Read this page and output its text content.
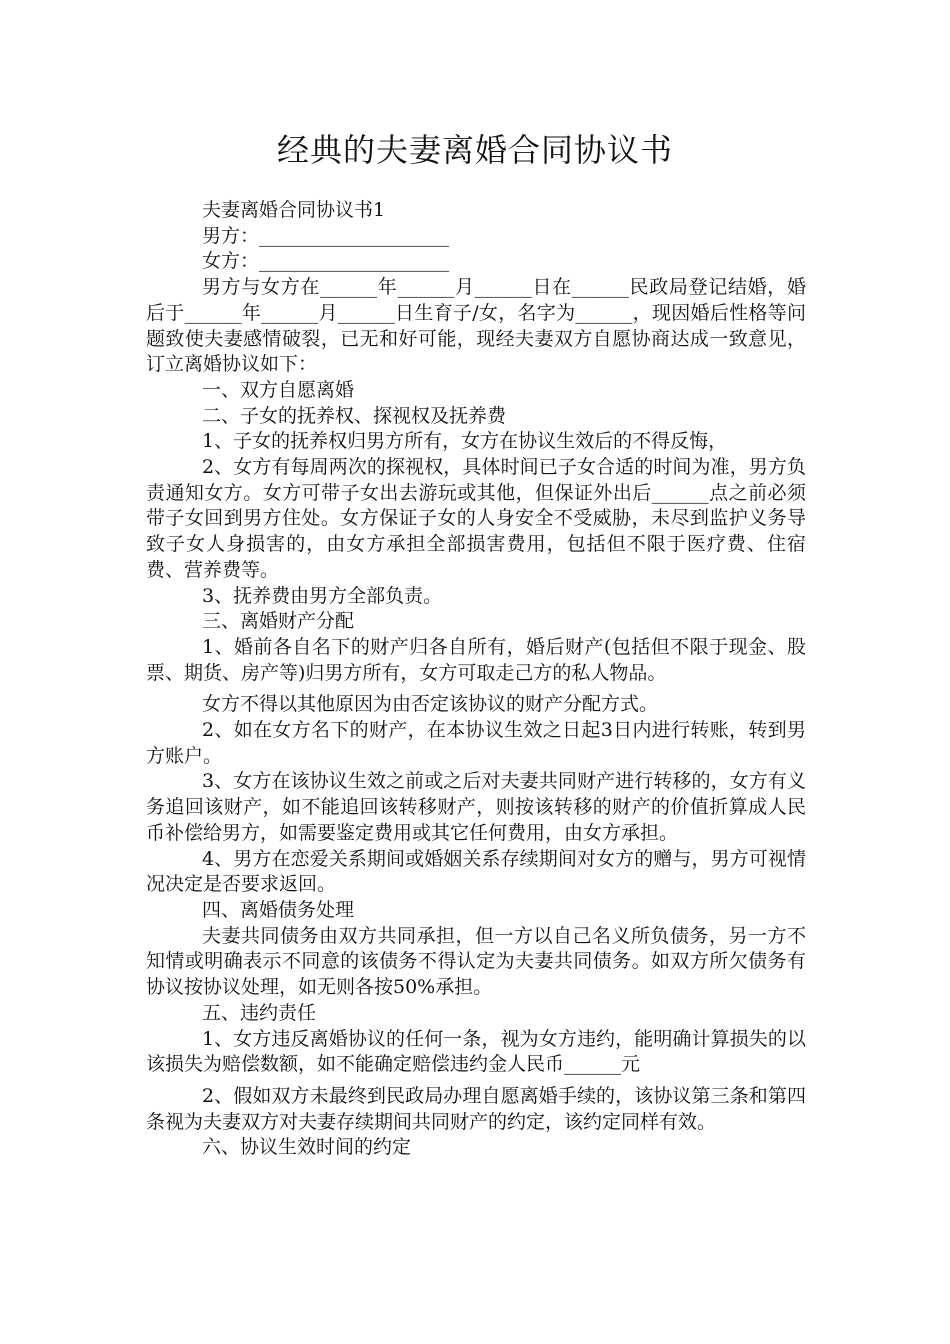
经典的夫妻离婚合同协议书

夫妻离婚合同协议书1

男方：____________________

女方：____________________

男方与女方在______年______月______日在______民政局登记结婚，婚后于______年______月______日生育子/女，名字为______，现因婚后性格等问题致使夫妻感情破裂，已无和好可能，现经夫妻双方自愿协商达成一致意见，订立离婚协议如下：

一、双方自愿离婚

二、子女的抚养权、探视权及抚养费

1、子女的抚养权归男方所有，女方在协议生效后的不得反悔，

2、女方有每周两次的探视权，具体时间已子女合适的时间为准，男方负责通知女方。女方可带子女出去游玩或其他，但保证外出后______点之前必须带子女回到男方住处。女方保证子女的人身安全不受威胁，未尽到监护义务导致子女人身损害的，由女方承担全部损害费用，包括但不限于医疗费、住宿费、营养费等。

3、抚养费由男方全部负责。

三、离婚财产分配

1、婚前各自名下的财产归各自所有，婚后财产(包括但不限于现金、股票、期货、房产等)归男方所有，女方可取走己方的私人物品。

女方不得以其他原因为由否定该协议的财产分配方式。

2、如在女方名下的财产，在本协议生效之日起3日内进行转账，转到男方账户。

3、女方在该协议生效之前或之后对夫妻共同财产进行转移的，女方有义务追回该财产，如不能追回该转移财产，则按该转移的财产的价值折算成人民币补偿给男方，如需要鉴定费用或其它任何费用，由女方承担。

4、男方在恋爱关系期间或婚姻关系存续期间对女方的赠与，男方可视情况决定是否要求返回。

四、离婚债务处理

夫妻共同债务由双方共同承担，但一方以自己名义所负债务，另一方不知情或明确表示不同意的该债务不得认定为夫妻共同债务。如双方所欠债务有协议按协议处理，如无则各按50%承担。

五、违约责任

1、女方违反离婚协议的任何一条，视为女方违约，能明确计算损失的以该损失为赔偿数额，如不能确定赔偿违约金人民币______元

2、假如双方未最终到民政局办理自愿离婚手续的，该协议第三条和第四条视为夫妻双方对夫妻存续期间共同财产的约定，该约定同样有效。

六、协议生效时间的约定
